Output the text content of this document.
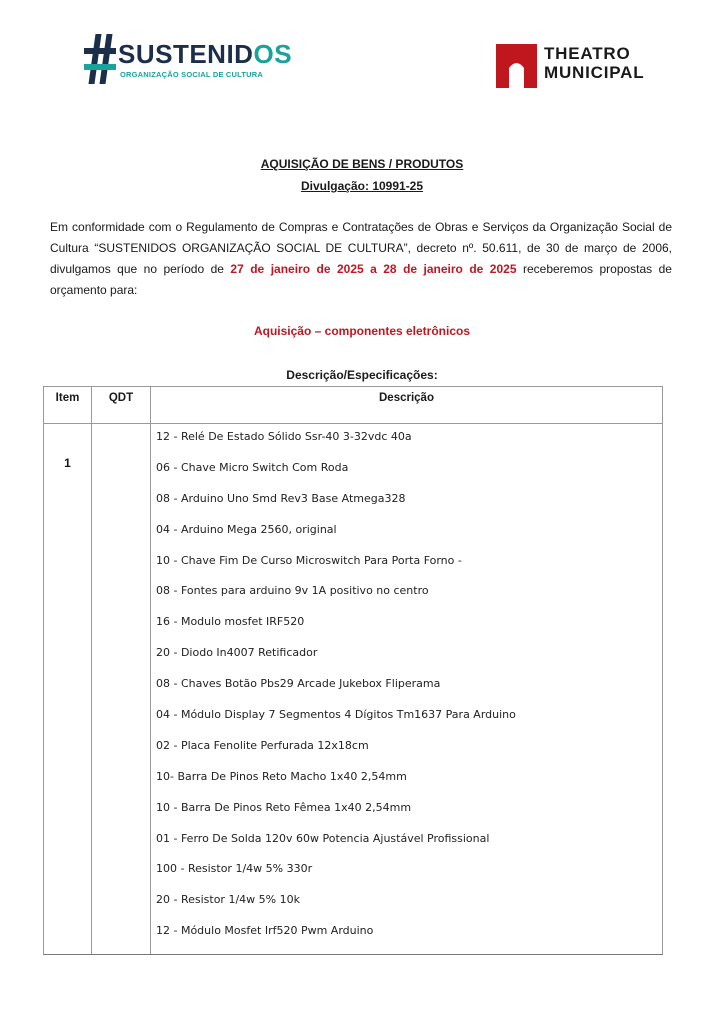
SUSTENIDOS
ORGANIZAÇÃO SOCIAL DE CULTURA
THEATRO
MUNICIPAL
AQUISIÇÃO DE BENS / PRODUTOS
Divulgação: 10991-25
Em conformidade com o Regulamento de Compras e Contratações de Obras e Serviços da Organização Social de Cultura “SUSTENIDOS ORGANIZAÇÃO SOCIAL DE CULTURA”, decreto nº. 50.611, de 30 de março de 2006, divulgamos que no período de 27 de janeiro de 2025 a 28 de janeiro de 2025 receberemos propostas de orçamento para:
Aquisição – componentes eletrônicos
Descrição/Especificações:
Item	QDT	Descrição
1
12 - Relé De Estado Sólido Ssr-40 3-32vdc 40a
06 - Chave Micro Switch Com Roda
08 - Arduino Uno Smd Rev3 Base Atmega328
04 - Arduino Mega 2560, original
10 - Chave Fim De Curso Microswitch Para Porta Forno -
08 - Fontes para arduino 9v 1A positivo no centro
16 - Modulo mosfet IRF520
20 - Diodo In4007 Retificador
08 - Chaves Botão Pbs29 Arcade Jukebox Fliperama
04 - Módulo Display 7 Segmentos 4 Dígitos Tm1637 Para Arduino
02 - Placa Fenolite Perfurada 12x18cm
10- Barra De Pinos Reto Macho 1x40 2,54mm
10 - Barra De Pinos Reto Fêmea 1x40 2,54mm
01 - Ferro De Solda 120v 60w Potencia Ajustável Profissional
100 - Resistor 1/4w 5% 330r
20 - Resistor 1/4w 5% 10k
12 - Módulo Mosfet Irf520 Pwm Arduino
